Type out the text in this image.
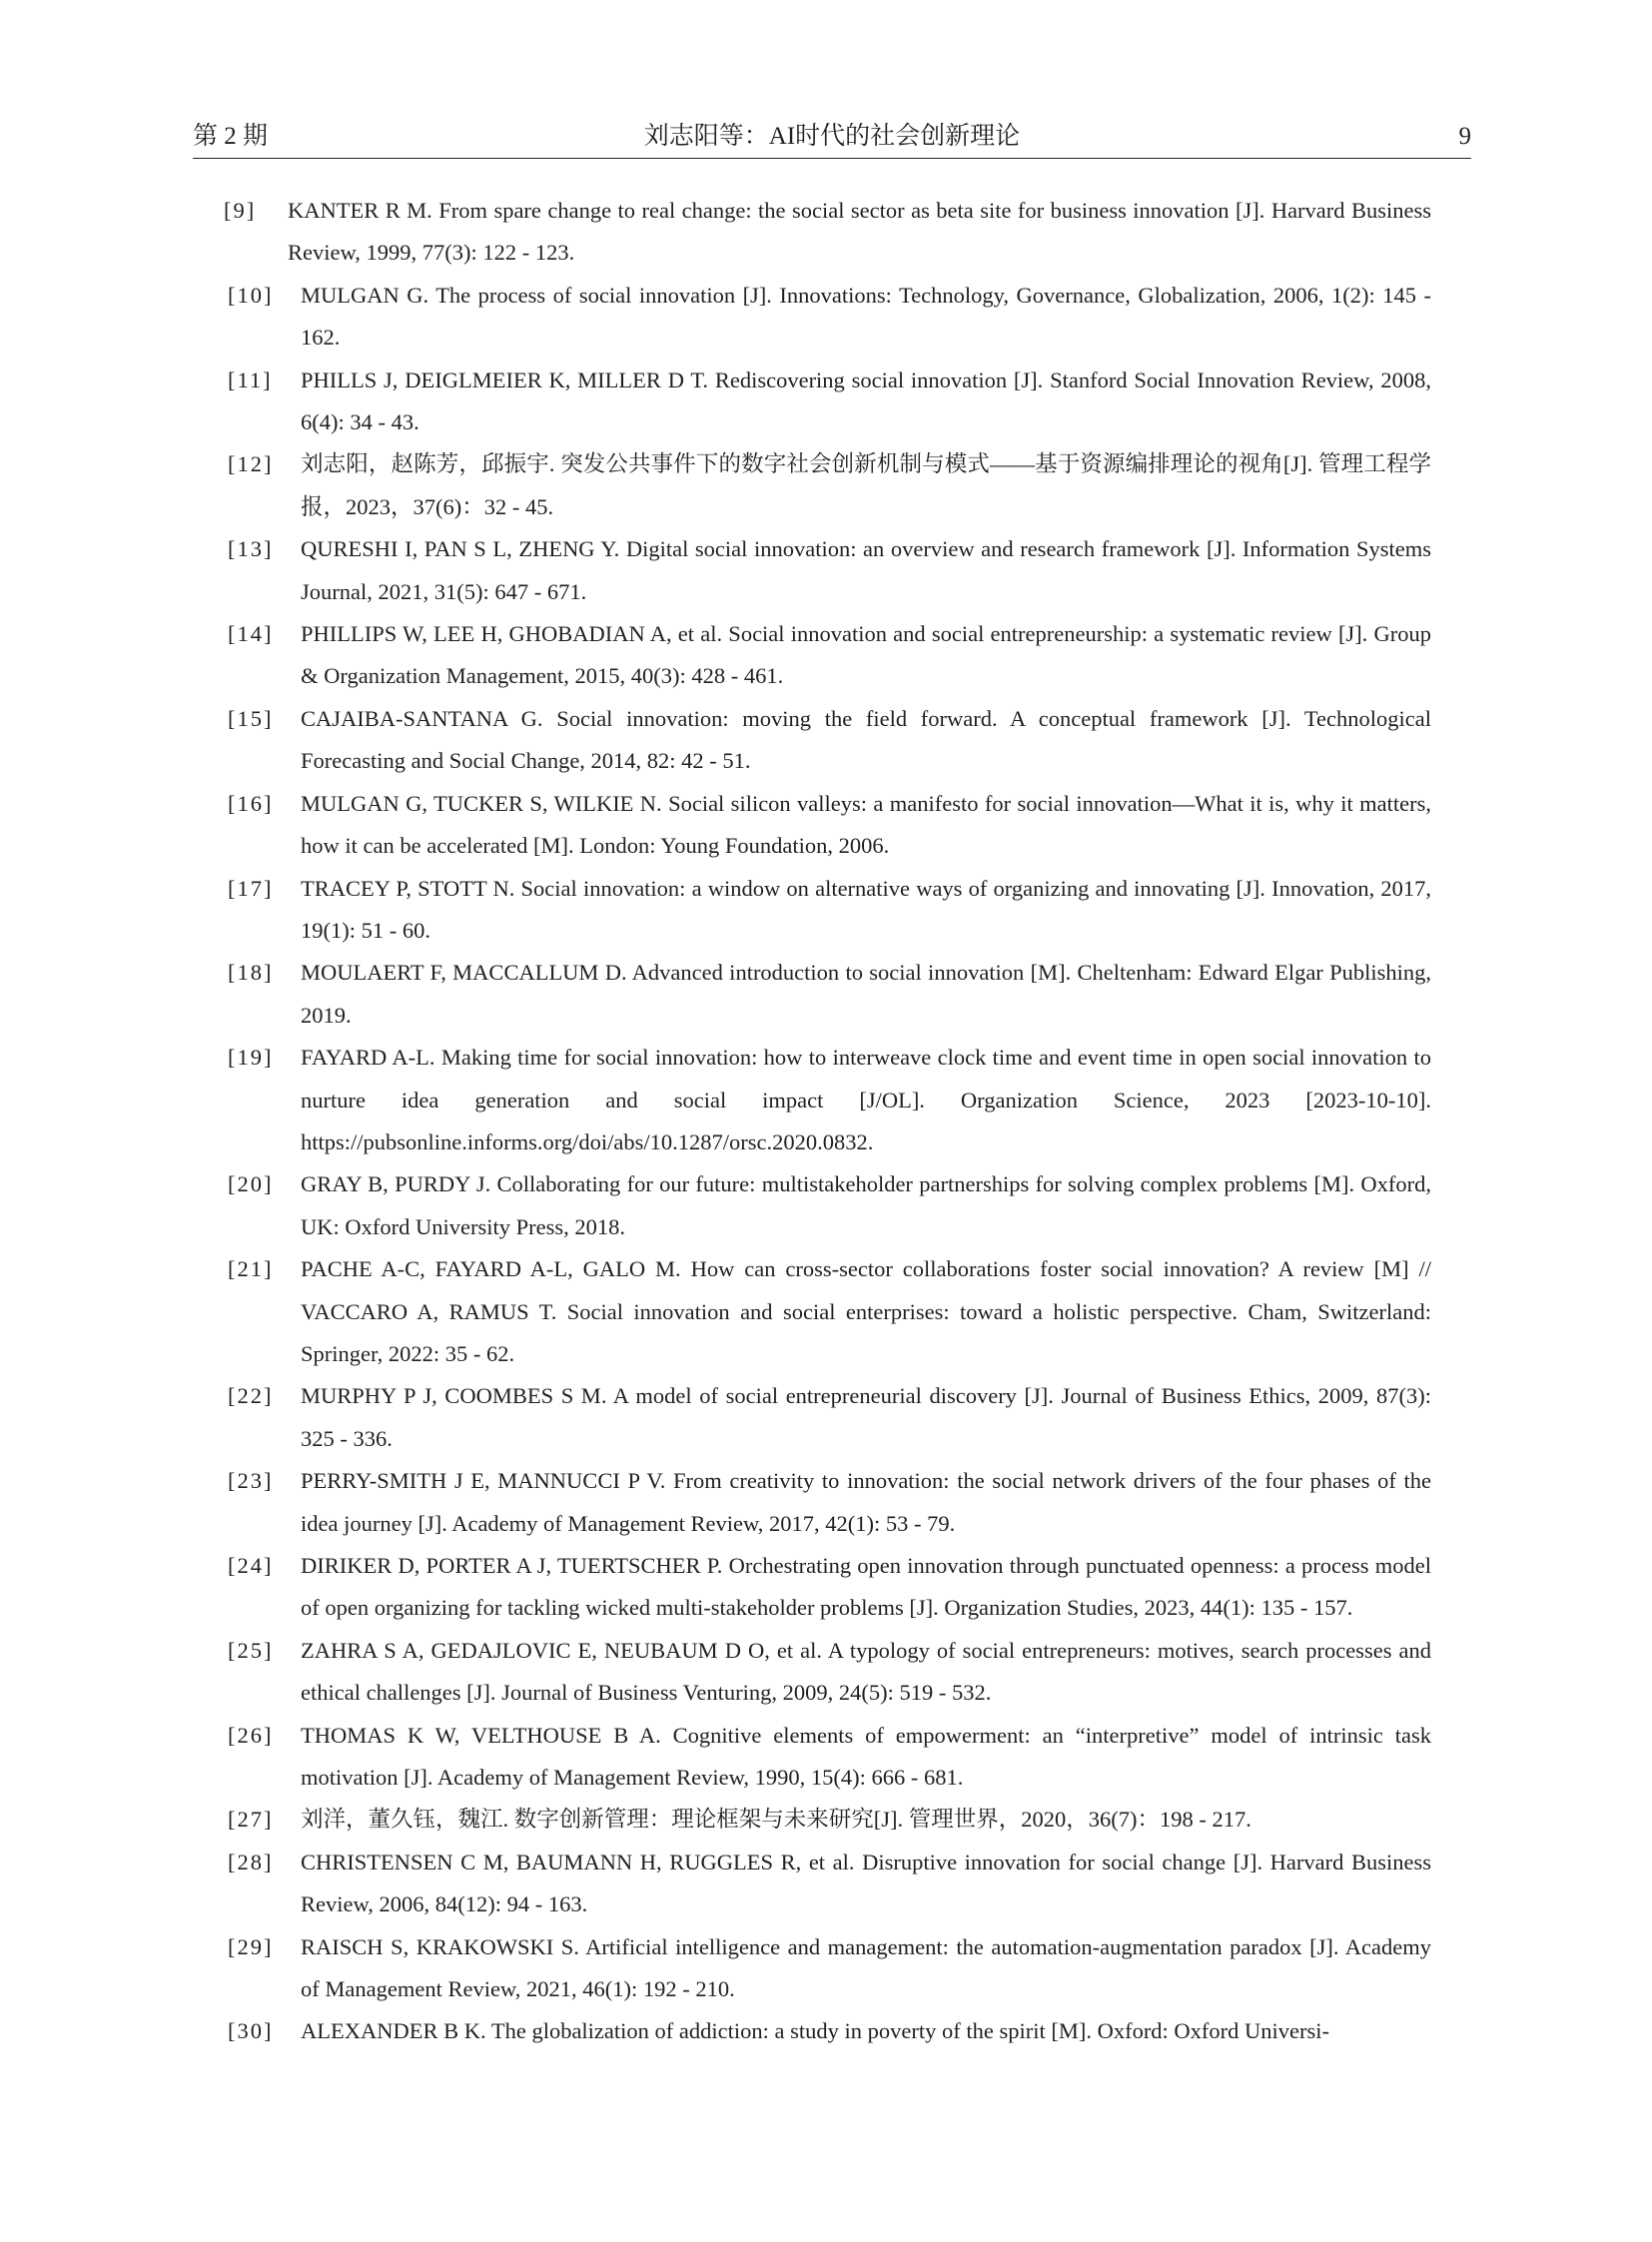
第 2 期	刘志阳等：AI时代的社会创新理论	9
[9] KANTER R M. From spare change to real change: the social sector as beta site for business innovation [J]. Harvard Business Review, 1999, 77(3): 122 - 123.
[10] MULGAN G. The process of social innovation [J]. Innovations: Technology, Governance, Globalization, 2006, 1(2): 145 - 162.
[11] PHILLS J, DEIGLMEIER K, MILLER D T. Rediscovering social innovation [J]. Stanford Social Innovation Review, 2008, 6(4): 34 - 43.
[12] 刘志阳，赵陈芳，邱振宇. 突发公共事件下的数字社会创新机制与模式——基于资源编排理论的视角[J]. 管理工程学报，2023，37(6)：32 - 45.
[13] QURESHI I, PAN S L, ZHENG Y. Digital social innovation: an overview and research framework [J]. Information Systems Journal, 2021, 31(5): 647 - 671.
[14] PHILLIPS W, LEE H, GHOBADIAN A, et al. Social innovation and social entrepreneurship: a systematic review [J]. Group & Organization Management, 2015, 40(3): 428 - 461.
[15] CAJAIBA-SANTANA G. Social innovation: moving the field forward. A conceptual framework [J]. Technological Forecasting and Social Change, 2014, 82: 42 - 51.
[16] MULGAN G, TUCKER S, WILKIE N. Social silicon valleys: a manifesto for social innovation—What it is, why it matters, how it can be accelerated [M]. London: Young Foundation, 2006.
[17] TRACEY P, STOTT N. Social innovation: a window on alternative ways of organizing and innovating [J]. Innovation, 2017, 19(1): 51 - 60.
[18] MOULAERT F, MACCALLUM D. Advanced introduction to social innovation [M]. Cheltenham: Edward Elgar Publishing, 2019.
[19] FAYARD A-L. Making time for social innovation: how to interweave clock time and event time in open social innovation to nurture idea generation and social impact [J/OL]. Organization Science, 2023 [2023-10-10]. https://pubsonline.informs.org/doi/abs/10.1287/orsc.2020.0832.
[20] GRAY B, PURDY J. Collaborating for our future: multistakeholder partnerships for solving complex problems [M]. Oxford, UK: Oxford University Press, 2018.
[21] PACHE A-C, FAYARD A-L, GALO M. How can cross-sector collaborations foster social innovation? A review [M] // VACCARO A, RAMUS T. Social innovation and social enterprises: toward a holistic perspective. Cham, Switzerland: Springer, 2022: 35 - 62.
[22] MURPHY P J, COOMBES S M. A model of social entrepreneurial discovery [J]. Journal of Business Ethics, 2009, 87(3): 325 - 336.
[23] PERRY-SMITH J E, MANNUCCI P V. From creativity to innovation: the social network drivers of the four phases of the idea journey [J]. Academy of Management Review, 2017, 42(1): 53 - 79.
[24] DIRIKER D, PORTER A J, TUERTSCHER P. Orchestrating open innovation through punctuated openness: a process model of open organizing for tackling wicked multi-stakeholder problems [J]. Organization Studies, 2023, 44(1): 135 - 157.
[25] ZAHRA S A, GEDAJLOVIC E, NEUBAUM D O, et al. A typology of social entrepreneurs: motives, search processes and ethical challenges [J]. Journal of Business Venturing, 2009, 24(5): 519 - 532.
[26] THOMAS K W, VELTHOUSE B A. Cognitive elements of empowerment: an “interpretive” model of intrinsic task motivation [J]. Academy of Management Review, 1990, 15(4): 666 - 681.
[27] 刘洋，董久钰，魏江. 数字创新管理：理论框架与未来研究[J]. 管理世界，2020，36(7)：198 - 217.
[28] CHRISTENSEN C M, BAUMANN H, RUGGLES R, et al. Disruptive innovation for social change [J]. Harvard Business Review, 2006, 84(12): 94 - 163.
[29] RAISCH S, KRAKOWSKI S. Artificial intelligence and management: the automation-augmentation paradox [J]. Academy of Management Review, 2021, 46(1): 192 - 210.
[30] ALEXANDER B K. The globalization of addiction: a study in poverty of the spirit [M]. Oxford: Oxford Universi-
